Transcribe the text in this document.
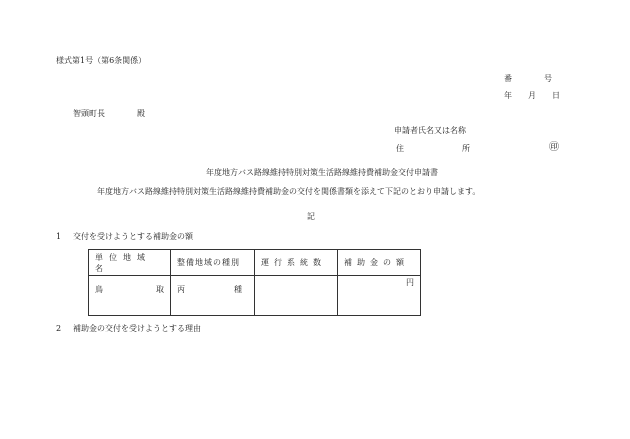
様式第1号（第6条関係）
番　　　　号
年　　月　　日
智頭町長　　　　殿
申請者氏名又は名称
住	所	㊞
年度地方バス路線維持特別対策生活路線維持費補助金交付申請書
年度地方バス路線維持特別対策生活路線維持費補助金の交付を関係書類を添えて下記のとおり申請します。
記
1 交付を受けようとする補助金の額
単位地域名	整備地域の種別	運行系統数	補助金の額

鳥 取	丙 種		円
2 補助金の交付を受けようとする理由
